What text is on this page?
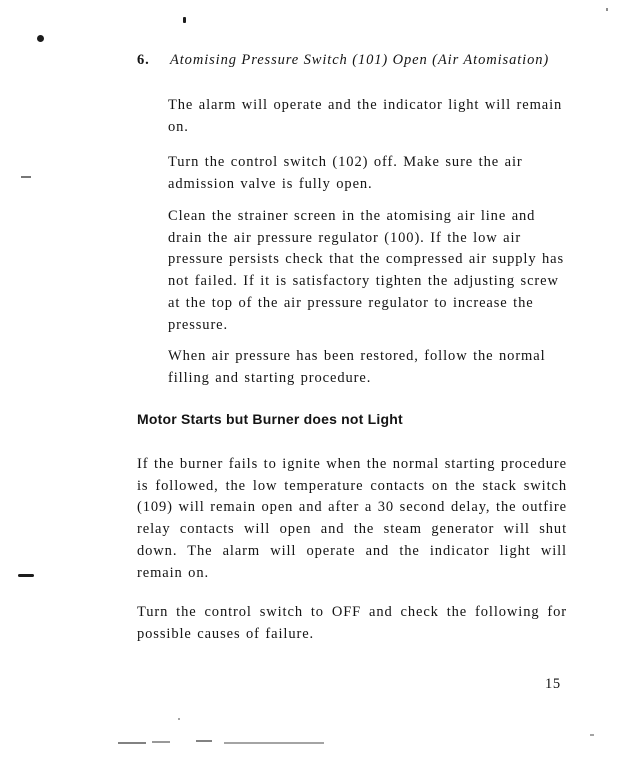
6. Atomising Pressure Switch (101) Open (Air Atomisation)

The alarm will operate and the indicator light will remain on.

Turn the control switch (102) off. Make sure the air admission valve is fully open.

Clean the strainer screen in the atomising air line and drain the air pressure regulator (100). If the low air pressure persists check that the compressed air supply has not failed. If it is satisfactory tighten the adjusting screw at the top of the air pressure regulator to increase the pressure.

When air pressure has been restored, follow the normal filling and starting procedure.

Motor Starts but Burner does not Light

If the burner fails to ignite when the normal starting procedure is followed, the low temperature contacts on the stack switch (109) will remain open and after a 30 second delay, the outfire relay contacts will open and the steam generator will shut down. The alarm will operate and the indicator light will remain on.

Turn the control switch to OFF and check the following for possible causes of failure.

15
